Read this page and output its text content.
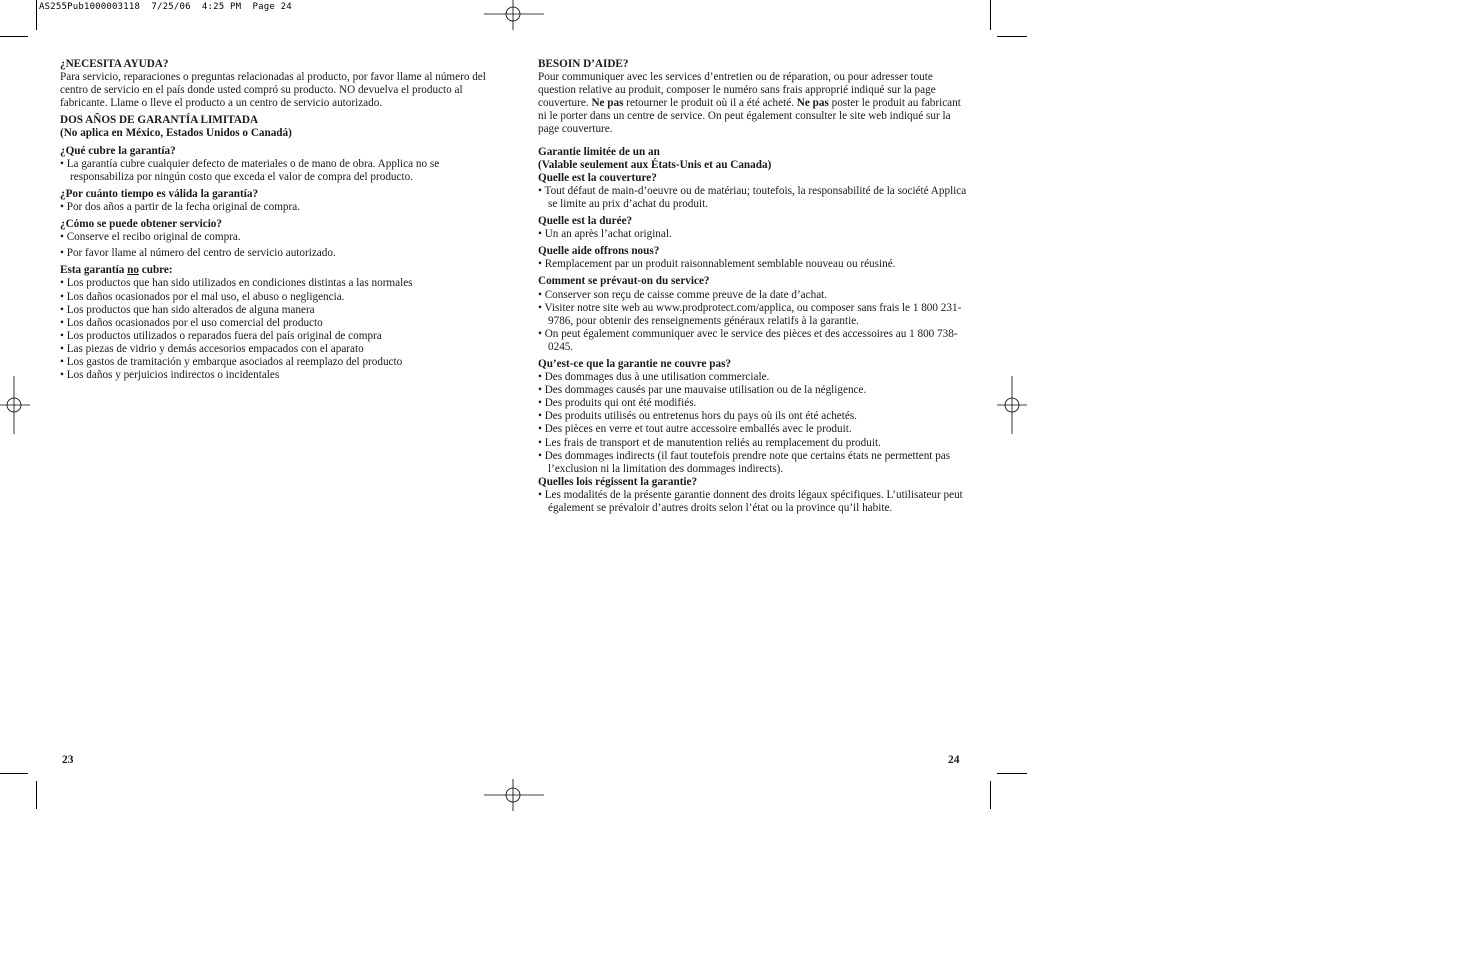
AS255Pub1000003118  7/25/06  4:25 PM  Page 24
¿NECESITA AYUDA?
Para servicio, reparaciones o preguntas relacionadas al producto, por favor llame al número del centro de servicio en el país donde usted compró su producto. NO devuelva el producto al fabricante. Llame o lleve el producto a un centro de servicio autorizado.
DOS AÑOS DE GARANTÍA LIMITADA
(No aplica en México, Estados Unidos o Canadá)
¿Qué cubre la garantía?
• La garantía cubre cualquier defecto de materiales o de mano de obra. Applica no se responsabiliza por ningún costo que exceda el valor de compra del producto.
¿Por cuánto tiempo es válida la garantía?
• Por dos años a partir de la fecha original de compra.
¿Cómo se puede obtener servicio?
• Conserve el recibo original de compra.
• Por favor llame al número del centro de servicio autorizado.
Esta garantía no cubre:
• Los productos que han sido utilizados en condiciones distintas a las normales
• Los daños ocasionados por el mal uso, el abuso o negligencia.
• Los productos que han sido alterados de alguna manera
• Los daños ocasionados por el uso comercial del producto
• Los productos utilizados o reparados fuera del país original de compra
• Las piezas de vidrio y demás accesorios empacados con el aparato
• Los gastos de tramitación y embarque asociados al reemplazo del producto
• Los daños y perjuicios indirectos o incidentales
BESOIN D’AIDE?
Pour communiquer avec les services d’entretien ou de réparation, ou pour adresser toute question relative au produit, composer le numéro sans frais approprié indiqué sur la page couverture. Ne pas retourner le produit où il a été acheté. Ne pas poster le produit au fabricant ni le porter dans un centre de service. On peut également consulter le site web indiqué sur la page couverture.
Garantie limitée de un an
(Valable seulement aux États-Unis et au Canada)
Quelle est la couverture?
• Tout défaut de main-d’oeuvre ou de matériau; toutefois, la responsabilité de la société Applica se limite au prix d’achat du produit.
Quelle est la durée?
• Un an après l’achat original.
Quelle aide offrons nous?
• Remplacement par un produit raisonnablement semblable nouveau ou réusiné.
Comment se prévaut-on du service?
• Conserver son reçu de caisse comme preuve de la date d’achat.
• Visiter notre site web au www.prodprotect.com/applica, ou composer sans frais le 1 800 231-9786, pour obtenir des renseignements généraux relatifs à la garantie.
• On peut également communiquer avec le service des pièces et des accessoires au 1 800 738-0245.
Qu’est-ce que la garantie ne couvre pas?
• Des dommages dus à une utilisation commerciale.
• Des dommages causés par une mauvaise utilisation ou de la négligence.
• Des produits qui ont été modifiés.
• Des produits utilisés ou entretenus hors du pays où ils ont été achetés.
• Des pièces en verre et tout autre accessoire emballés avec le produit.
• Les frais de transport et de manutention reliés au remplacement du produit.
• Des dommages indirects (il faut toutefois prendre note que certains états ne permettent pas l’exclusion ni la limitation des dommages indirects).
Quelles lois régissent la garantie?
• Les modalités de la présente garantie donnent des droits légaux spécifiques. L’utilisateur peut également se prévaloir d’autres droits selon l’état ou la province qu’il habite.
23	24
